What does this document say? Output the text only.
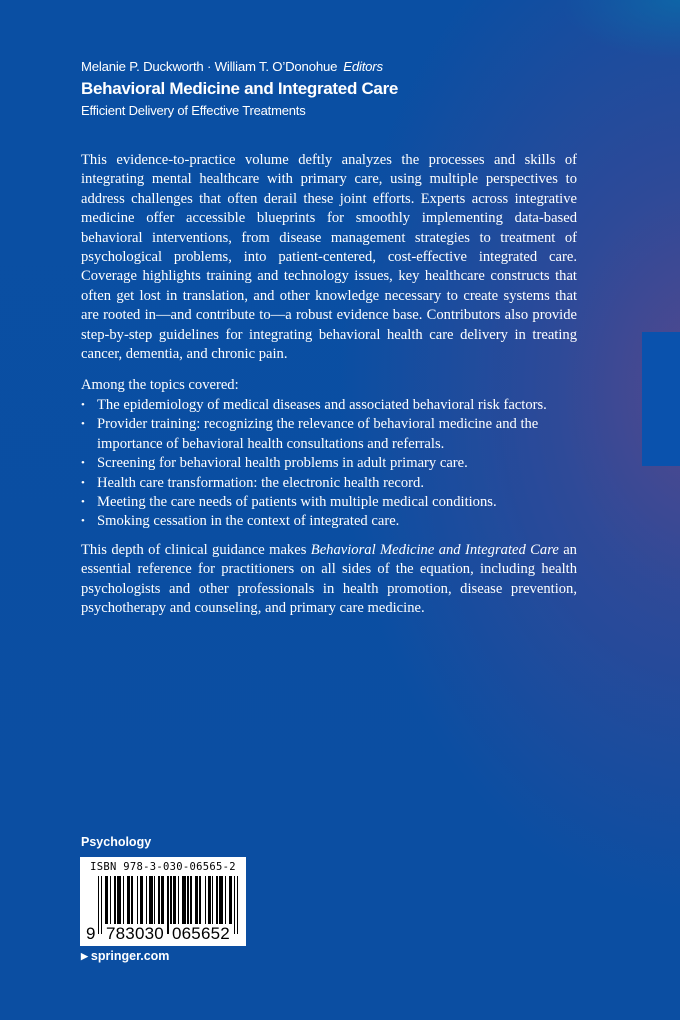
Melanie P. Duckworth · William T. O’Donohue Editors
Behavioral Medicine and Integrated Care
Efficient Delivery of Effective Treatments

This evidence-to-practice volume deftly analyzes the processes and skills of integrating mental healthcare with primary care, using multiple perspectives to address challenges that often derail these joint efforts. Experts across integrative medicine offer accessible blueprints for smoothly implementing data-based behavioral interventions, from disease management strategies to treatment of psychological problems, into patient-centered, cost-effective integrated care. Coverage highlights training and technology issues, key healthcare constructs that often get lost in translation, and other knowledge necessary to create systems that are rooted in—and contribute to—a robust evidence base. Contributors also provide step-by-step guidelines for integrating behavioral health care delivery in treating cancer, dementia, and chronic pain.

Among the topics covered:

• The epidemiology of medical diseases and associated behavioral risk factors.
• Provider training: recognizing the relevance of behavioral medicine and the importance of behavioral health consultations and referrals.
• Screening for behavioral health problems in adult primary care.
• Health care transformation: the electronic health record.
• Meeting the care needs of patients with multiple medical conditions.
• Smoking cessation in the context of integrated care.

This depth of clinical guidance makes Behavioral Medicine and Integrated Care an essential reference for practitioners on all sides of the equation, including health psychologists and other professionals in health promotion, disease prevention, psychotherapy and counseling, and primary care medicine.

Psychology
ISBN 978-3-030-06565-2
9 783030 065652
▶ springer.com
